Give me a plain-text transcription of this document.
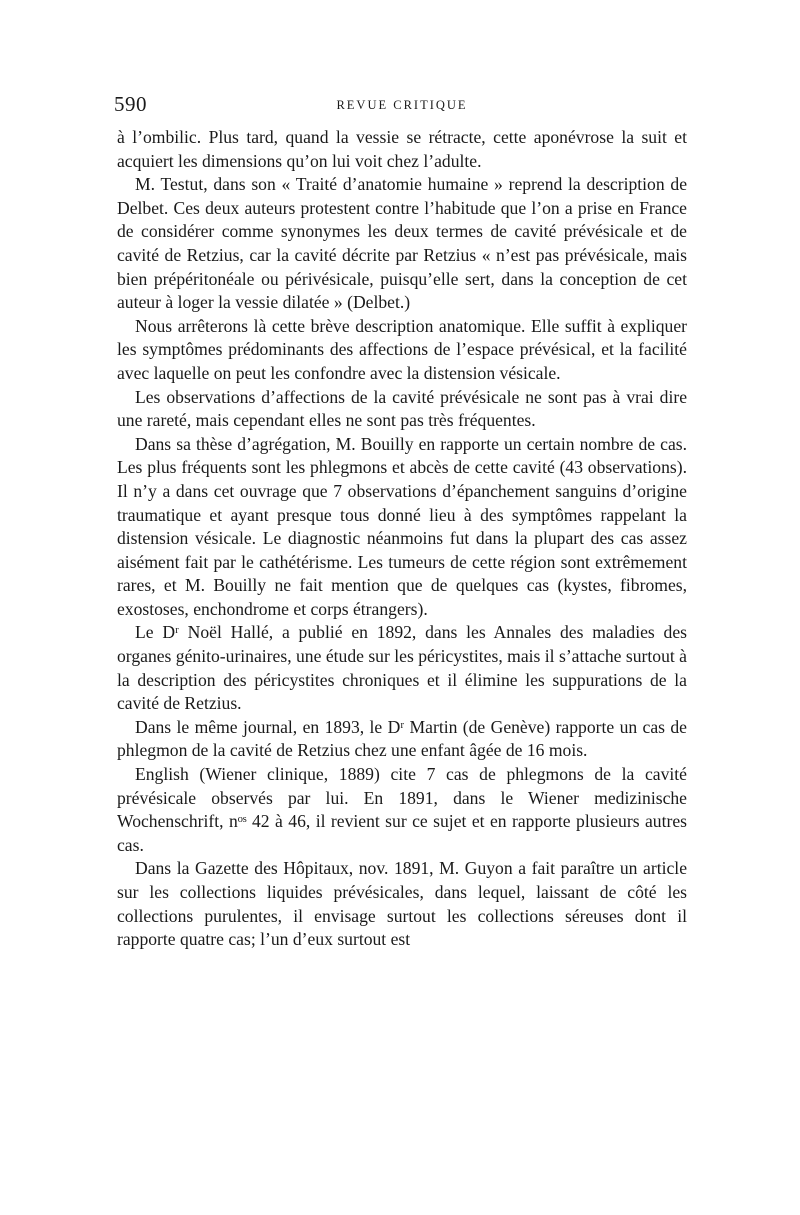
590	REVUE CRITIQUE

à l’ombilic. Plus tard, quand la vessie se rétracte, cette aponévrose la suit et acquiert les dimensions qu’on lui voit chez l’adulte.

M. Testut, dans son « Traité d’anatomie humaine » reprend la description de Delbet. Ces deux auteurs protestent contre l’habitude que l’on a prise en France de considérer comme synonymes les deux termes de cavité prévésicale et de cavité de Retzius, car la cavité décrite par Retzius « n’est pas prévésicale, mais bien prépéritonéale ou périvésicale, puisqu’elle sert, dans la conception de cet auteur à loger la vessie dilatée » (Delbet.)

Nous arrêterons là cette brève description anatomique. Elle suffit à expliquer les symptômes prédominants des affections de l’espace prévésical, et la facilité avec laquelle on peut les confondre avec la distension vésicale.

Les observations d’affections de la cavité prévésicale ne sont pas à vrai dire une rareté, mais cependant elles ne sont pas très fréquentes.

Dans sa thèse d’agrégation, M. Bouilly en rapporte un certain nombre de cas. Les plus fréquents sont les phlegmons et abcès de cette cavité (43 observations). Il n’y a dans cet ouvrage que 7 observations d’épanchement sanguins d’origine traumatique et ayant presque tous donné lieu à des symptômes rappelant la distension vésicale. Le diagnostic néanmoins fut dans la plupart des cas assez aisément fait par le cathétérisme. Les tumeurs de cette région sont extrêmement rares, et M. Bouilly ne fait mention que de quelques cas (kystes, fibromes, exostoses, enchondrome et corps étrangers).

Le Dʳ Noël Hallé, a publié en 1892, dans les Annales des maladies des organes génito-urinaires, une étude sur les péricystites, mais il s’attache surtout à la description des péricystites chroniques et il élimine les suppurations de la cavité de Retzius.

Dans le même journal, en 1893, le Dʳ Martin (de Genève) rapporte un cas de phlegmon de la cavité de Retzius chez une enfant âgée de 16 mois.

English (Wiener clinique, 1889) cite 7 cas de phlegmons de la cavité prévésicale observés par lui. En 1891, dans le Wiener medizinische Wochenschrift, nᵒˢ 42 à 46, il revient sur ce sujet et en rapporte plusieurs autres cas.

Dans la Gazette des Hôpitaux, nov. 1891, M. Guyon a fait paraître un article sur les collections liquides prévésicales, dans lequel, laissant de côté les collections purulentes, il envisage surtout les collections séreuses dont il rapporte quatre cas; l’un d’eux surtout est
